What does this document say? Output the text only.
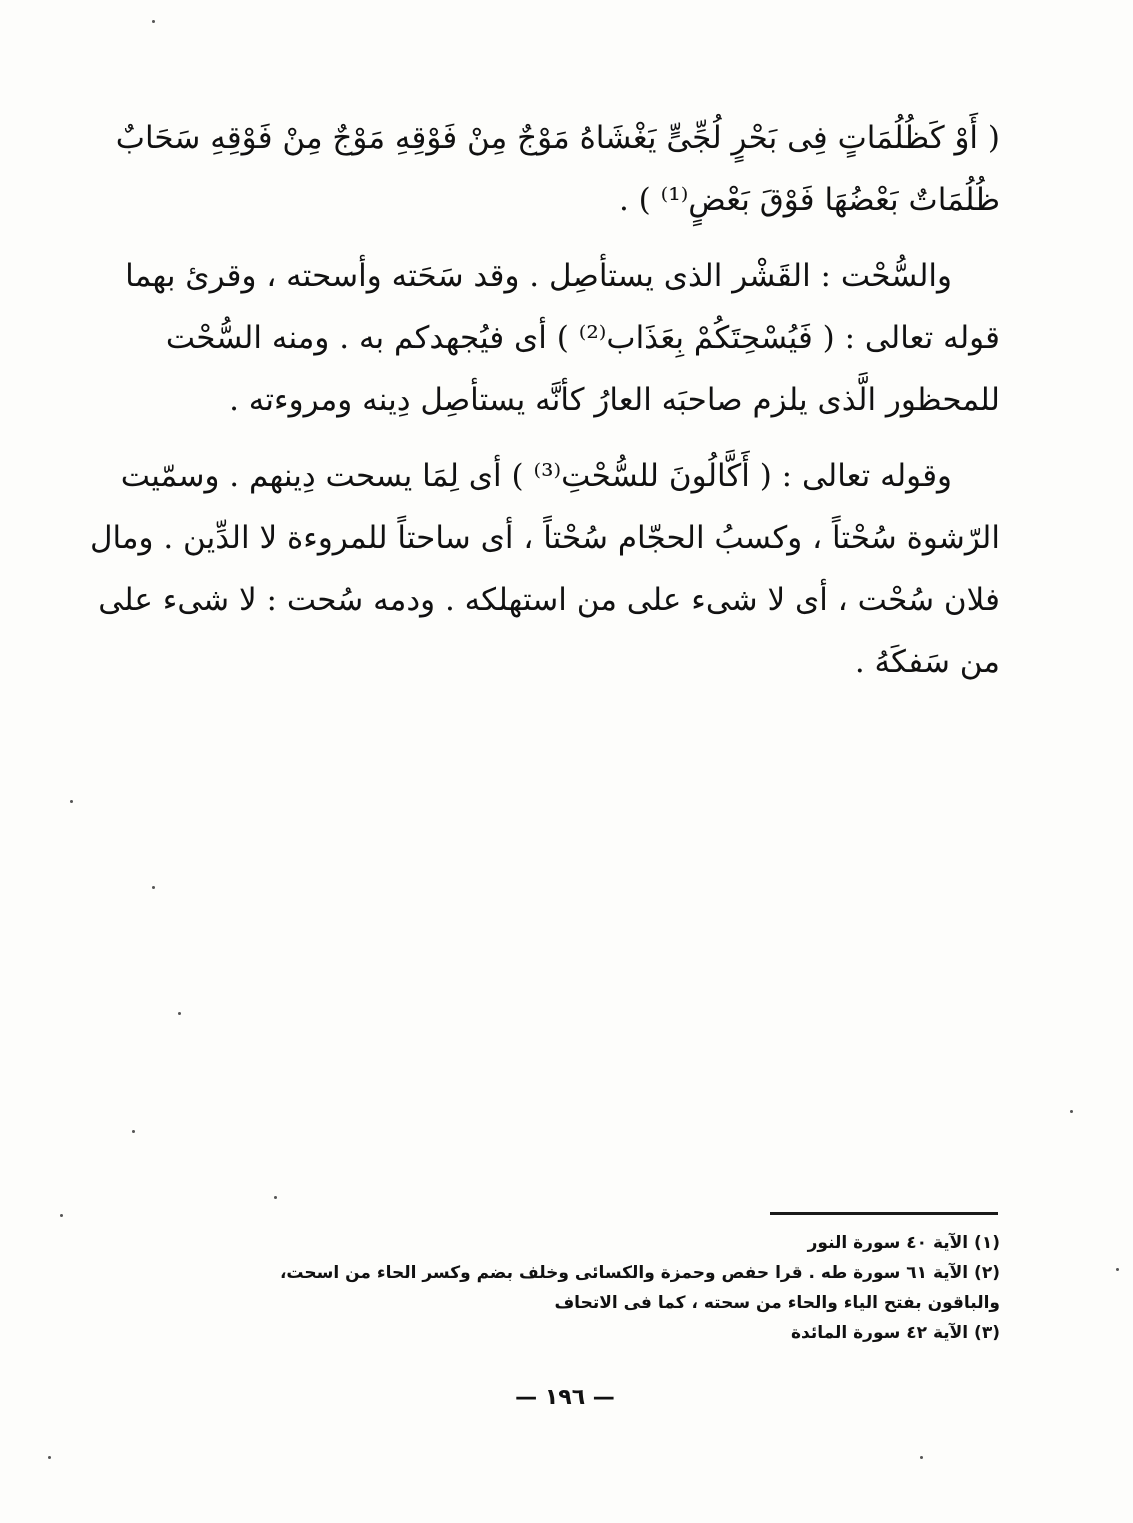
( أَوْ كَظُلُمَاتٍ فِى بَحْرٍ لُجِّىٍّ يَغْشَاهُ مَوْجٌ مِنْ فَوْقِهِ مَوْجٌ مِنْ فَوْقِهِ سَحَابٌ
ظُلُمَاتٌ بَعْضُهَا فَوْقَ بَعْضٍ⁽¹⁾ ) .
والسُّحْت : القَشْر الذى يستأصِل . وقد سَحَته وأسحته ، وقرئ بهما
قوله تعالى : ( فَيُسْحِتَكُمْ بِعَذَاب⁽²⁾ ) أى فيُجهدكم به . ومنه السُّحْت
للمحظور الَّذى يلزم صاحبَه العارُ كأنَّه يستأصِل دِينه ومروءته .
وقوله تعالى : ( أَكَّالُونَ للسُّحْتِ⁽³⁾ ) أى لِمَا يسحت دِينهم . وسمّيت
الرّشوة سُحْتاً ، وكسبُ الحجّام سُحْتاً ، أى ساحتاً للمروءة لا الدِّين . ومال
فلان سُحْت ، أى لا شىء على من استهلكه . ودمه سُحت : لا شىء على
من سَفكَهُ .
(١) الآية ٤٠ سورة النور
(٢) الآية ٦١ سورة طه . قرا حفص وحمزة والكسائى وخلف بضم وكسر الحاء من اسحت،
والباقون بفتح الياء والحاء من سحته ، كما فى الاتحاف
(٣) الآية ٤٢ سورة المائدة
— ١٩٦ —
